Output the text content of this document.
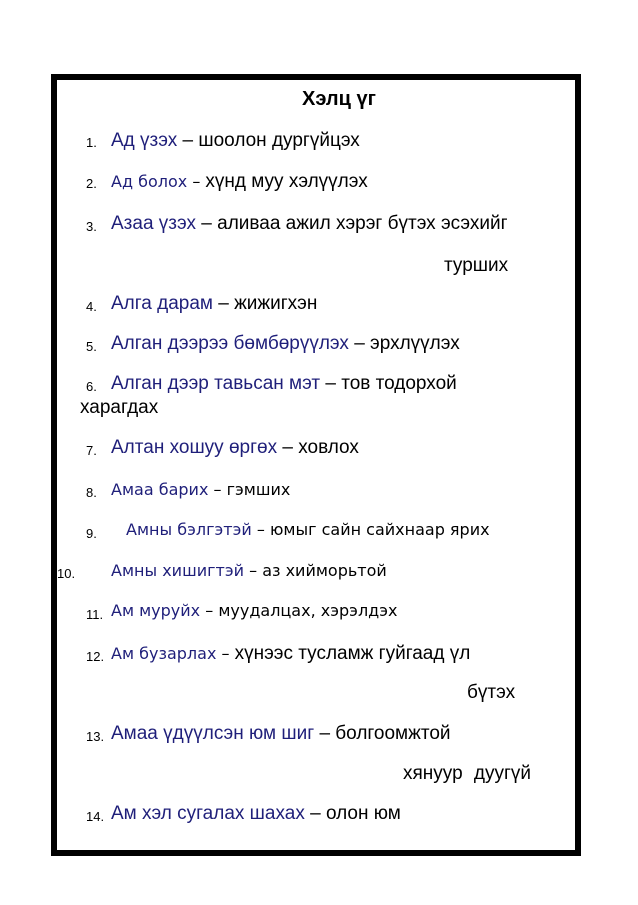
Хэлц үг
1. Ад үзэх – шоолон дургүйцэх
2. Ад болох – хүнд муу хэлүүлэх
3. Азаа үзэх – аливаа ажил хэрэг бүтэх эсэхийг
турших
4. Алга дарам – жижигхэн
5. Алган дээрээ бөмбөрүүлэх – эрхлүүлэх
6. Алган дээр тавьсан мэт – тов тодорхой
харагдах
7. Алтан хошуу өргөх – ховлох
8. Амаа барих – гэмших
9. Амны бэлгэтэй – юмыг сайн сайхнаар ярих
10. Амны хишигтэй – аз хийморьтой
11. Ам муруйх – муудалцах, хэрэлдэх
12. Ам бузарлах – хүнээс тусламж гуйгаад үл
бүтэх
13. Амаа үдүүлсэн юм шиг – болгоомжтой
хянуур дуугүй
14. Ам хэл сугалах шахах – олон юм
